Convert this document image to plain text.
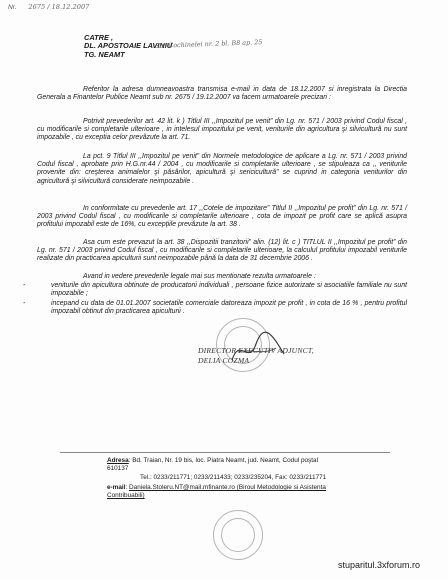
Nr. 2675 / 18.12.2007
CATRE ,
DL. APOSTOAIE LAVINIU
TG. NEAMT
Str. Cochinelei nr. 2 bl. B8 ap. 25
Referitor la adresa dumneavoastra transmisa e-mail in data de 18.12.2007 si inregistrata la Directia Generala a Finantelor Publice Neamt sub nr. 2675 / 19.12.2007 va facem urmatoarele precizari :
Potrivit prevederilor art. 42 lit. k ) Titlul III ,,Impozitul pe venit” din Lg. nr. 571 / 2003 privind Codul fiscal , cu modificarile si completarile ulterioare , in intelesul impozitului pe venit, veniturile din agricultura şi silvicultură nu sunt impozabile , cu exceptia celor prevăzute la art. 71.
La pct. 9 Titlul III ,,Impozitul pe venit” din Normele metodologice de aplicare a Lg. nr. 571 / 2003 privind Codul fiscal , aprobate prin H.G.nr.44 / 2004 , cu modificarile si completarile ulterioare , se stipuleaza ca ,, veniturile provenite din: creşterea animalelor şi păsărilor, apicultură şi sericicultură” se cuprind in categoria veniturilor din agricultură şi silvicultură considerate neimpozabile .
In conformitate cu prevederile art. 17 ,,Cotele de impozitare” Titlul II ,,Impozitul pe profit” din Lg. nr. 571 / 2003 privind Codul fiscal , cu modificarile si completarile ulterioare , cota de impozit pe profit care se aplică asupra profitului impozabil este de 16%, cu excepţiile prevăzute la art. 38 .
Asa cum este prevazut la art. 38 ,,Dispozitii tranzitorii” alin. (12) lit. c ) TITLUL II ,,Impozitul pe profit” din Lg. nr. 571 / 2003 privind Codul fiscal , cu modificarile si completarile ulterioare, la calculul profitului impozabil veniturile realizate din practicarea apiculturii sunt neimpozabile până la data de 31 decembrie 2006 .
Avand in vedere prevederile legale mai sus mentionate rezulta urmatoarele :
-	veniturile din apicultura obtinute de producatorii individuali , persoane fizice autorizate si asociatiile familiale nu sunt impozabile ;
-	incepand cu data de 01.01.2007 societatile comerciale datoreaza impozit pe profit , in cota de 16 % , pentru profitul impozabil obtinut din practicarea apiculturii .
DIRECTOR EXECUTIV ADJUNCT,
DELIA COZMA
Adresa: Bd. Traian, Nr. 19 bis, loc. Piatra Neamt, jud. Neamt, Codul poştal 610137
Tel.: 0233/211771; 0233/211433; 0233/235204, Fax: 0233/211771
e-mail: Daniela.Stoleru.NT@mail.mfinante.ro (Biroul Metodologie si Asistenta Contribuabili)
stuparitul.3xforum.ro
